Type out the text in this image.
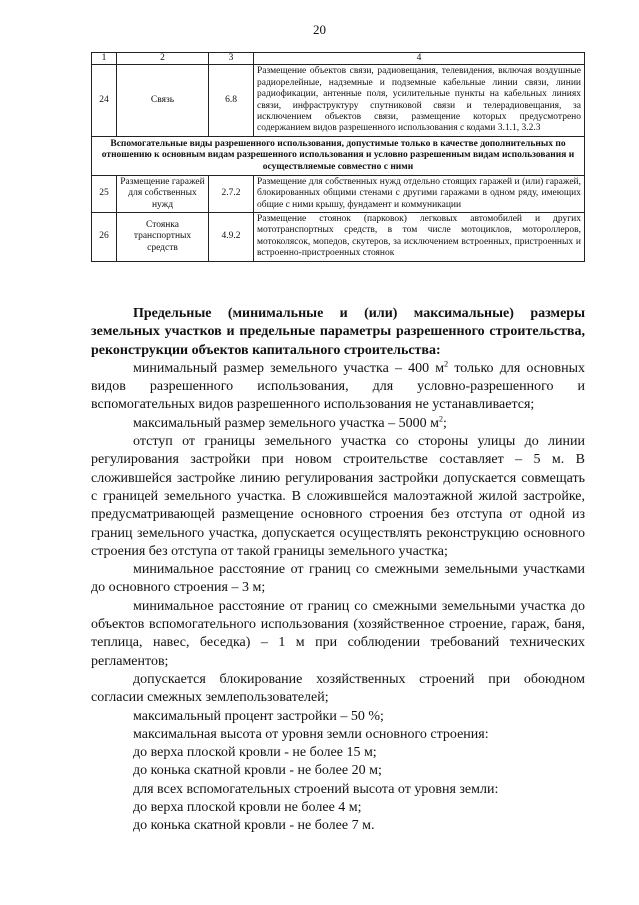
20
1	2	3	4
24	Связь	6.8	Размещение объектов связи, радиовещания, телевидения, включая воздушные радиорелейные, надземные и подземные кабельные линии связи, линии радиофикации, антенные поля, усилительные пункты на кабельных линиях связи, инфраструктуру спутниковой связи и телерадиовещания, за исключением объектов связи, размещение которых предусмотрено содержанием видов разрешенного использования с кодами 3.1.1, 3.2.3
Вспомогательные виды разрешенного использования, допустимые только в качестве дополнительных по отношению к основным видам разрешенного использования и условно разрешенным видам использования и осуществляемые совместно с ними			
25	Размещение гаражей для собственных нужд	2.7.2	Размещение для собственных нужд отдельно стоящих гаражей и (или) гаражей, блокированных общими стенами с другими гаражами в одном ряду, имеющих общие с ними крышу, фундамент и коммуникации
26	Стоянка транспортных средств	4.9.2	Размещение стоянок (парковок) легковых автомобилей и других мототранспортных средств, в том числе мотоциклов, мотороллеров, мотоколясок, мопедов, скутеров, за исключением встроенных, пристроенных и встроенно-пристроенных стоянок

Предельные (минимальные и (или) максимальные) размеры земельных участков и предельные параметры разрешенного строительства, реконструкции объектов капитального строительства:

минимальный размер земельного участка – 400 $м^2$ только для основных видов разрешенного использования, для условно-разрешенного и вспомогательных видов разрешенного использования не устанавливается;

максимальный размер земельного участка – 5000 $м^2$;

отступ от границы земельного участка со стороны улицы до линии регулирования застройки при новом строительстве составляет – 5 м. В сложившейся застройке линию регулирования застройки допускается совмещать с границей земельного участка. В сложившейся малоэтажной жилой застройке, предусматривающей размещение основного строения без отступа от одной из границ земельного участка, допускается осуществлять реконструкцию основного строения без отступа от такой границы земельного участка;

минимальное расстояние от границ со смежными земельными участками до основного строения – 3 м;

минимальное расстояние от границ со смежными земельными участка до объектов вспомогательного использования (хозяйственное строение, гараж, баня, теплица, навес, беседка) – 1 м при соблюдении требований технических регламентов;

допускается блокирование хозяйственных строений при обоюдном согласии смежных землепользователей;

максимальный процент застройки – 50 %;

максимальная высота от уровня земли основного строения:

до верха плоской кровли - не более 15 м;

до конька скатной кровли - не более 20 м;

для всех вспомогательных строений высота от уровня земли:

до верха плоской кровли не более 4 м;

до конька скатной кровли - не более 7 м.
